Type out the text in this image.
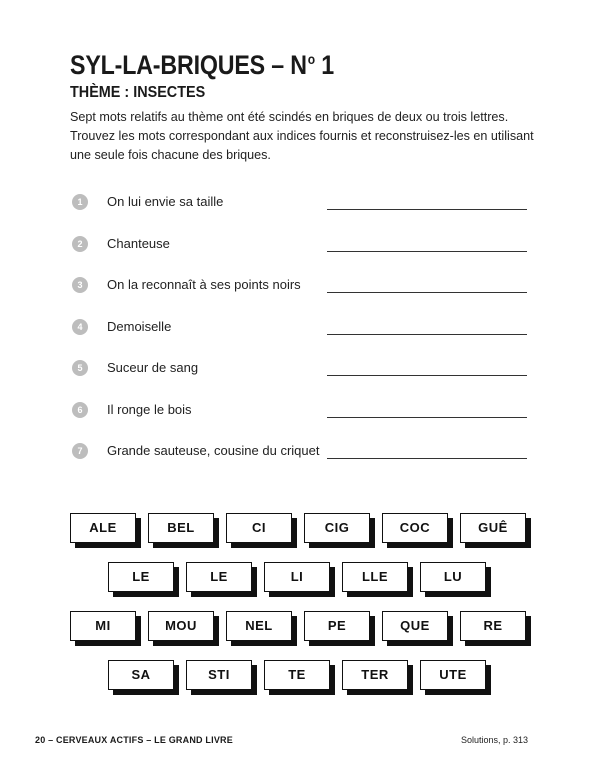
SYL-LA-BRIQUES – $N^o$ 1
THÈME : INSECTES

Sept mots relatifs au thème ont été scindés en briques de deux ou trois lettres. Trouvez les mots correspondant aux indices fournis et reconstruisez-les en utilisant une seule fois chacune des briques.

1	On lui envie sa taille
2	Chanteuse
3	On la reconnaît à ses points noirs
4	Demoiselle
5	Suceur de sang
6	Il ronge le bois
7	Grande sauteuse, cousine du criquet
ALE	BEL	CI	CIG	COC	GUÊ
LE	LE	LI	LLE	LU
MI	MOU	NEL	PE	QUE	RE
SA	STI	TE	TER	UTE
20 – CERVEAUX ACTIFS – LE GRAND LIVRE	Solutions, p. 313
